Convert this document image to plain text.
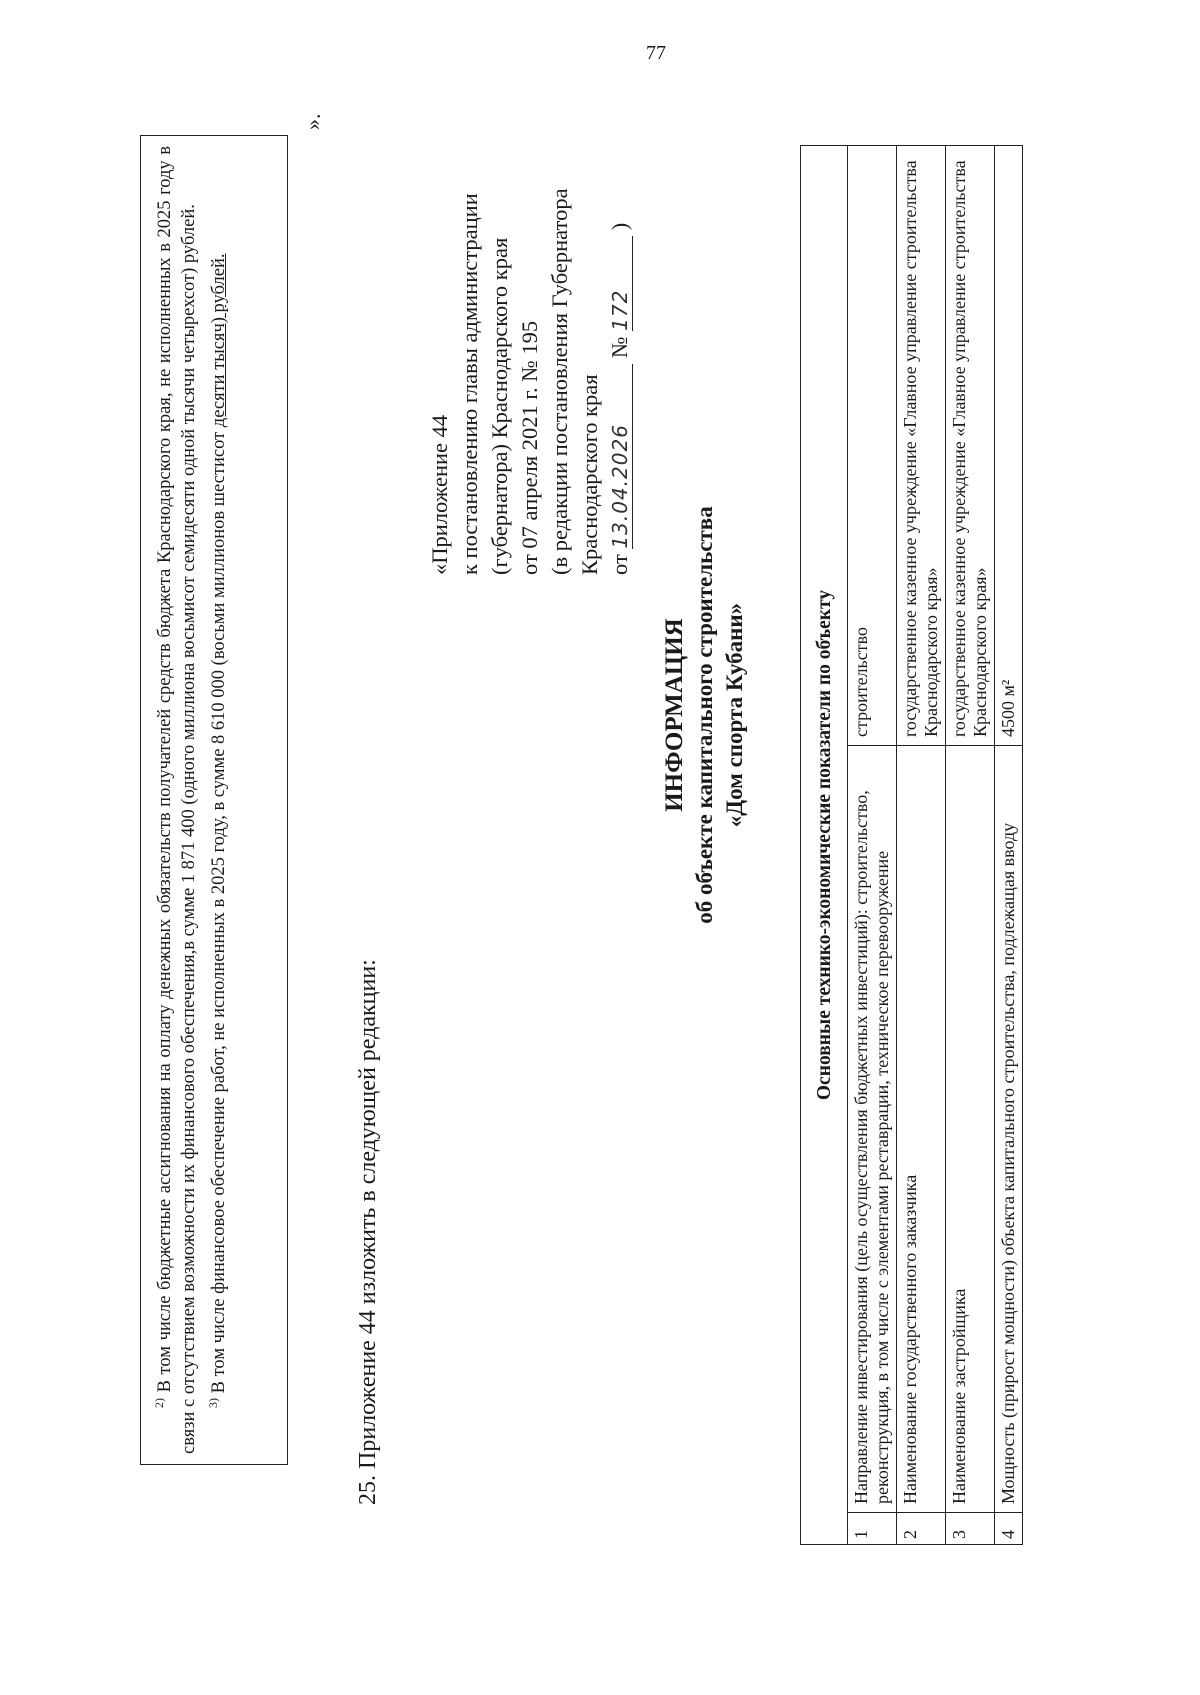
77

$^{2)}$ В том числе бюджетные ассигнования на оплату денежных обязательств получателей средств бюджета Краснодарского края, не исполненных в 2025 году в связи с отсутствием возможности их финансового обеспечения,в сумме 1 871 400 (одного миллиона восьмисот семидесяти одной тысячи четырехсот) рублей. $^{3)}$ В том числе финансовое обеспечение работ, не исполненных в 2025 году, в сумме 8 610 000 (восьми миллионов шестисот десяти тысяч) рублей.

».
25. Приложение 44 изложить в следующей редакции:
«Приложение 44 к постановлению главы администрации (губернатора) Краснодарского края от 07 апреля 2021 г. № 195 (в редакции постановления Губернатора Краснодарского края от 13.04.2026 № 172 )
ИНФОРМАЦИЯ об объекте капитального строительства «Дом спорта Кубани»	Основные технико-экономические показатели по объекту		
1	Направление инвестирования (цель осуществления бюджетных инвестиций): строительство, реконструкция, в том числе с элементами реставрации, техническое перевооружение	строительство
2	Наименование государственного заказчика	государственное казенное учреждение «Главное управление строительства Краснодарского края»
3	Наименование застройщика	государственное казенное учреждение «Главное управление строительства Краснодарского края»
4	Мощность (прирост мощности) объекта капитального строительства, подлежащая вводу	4500 м²
